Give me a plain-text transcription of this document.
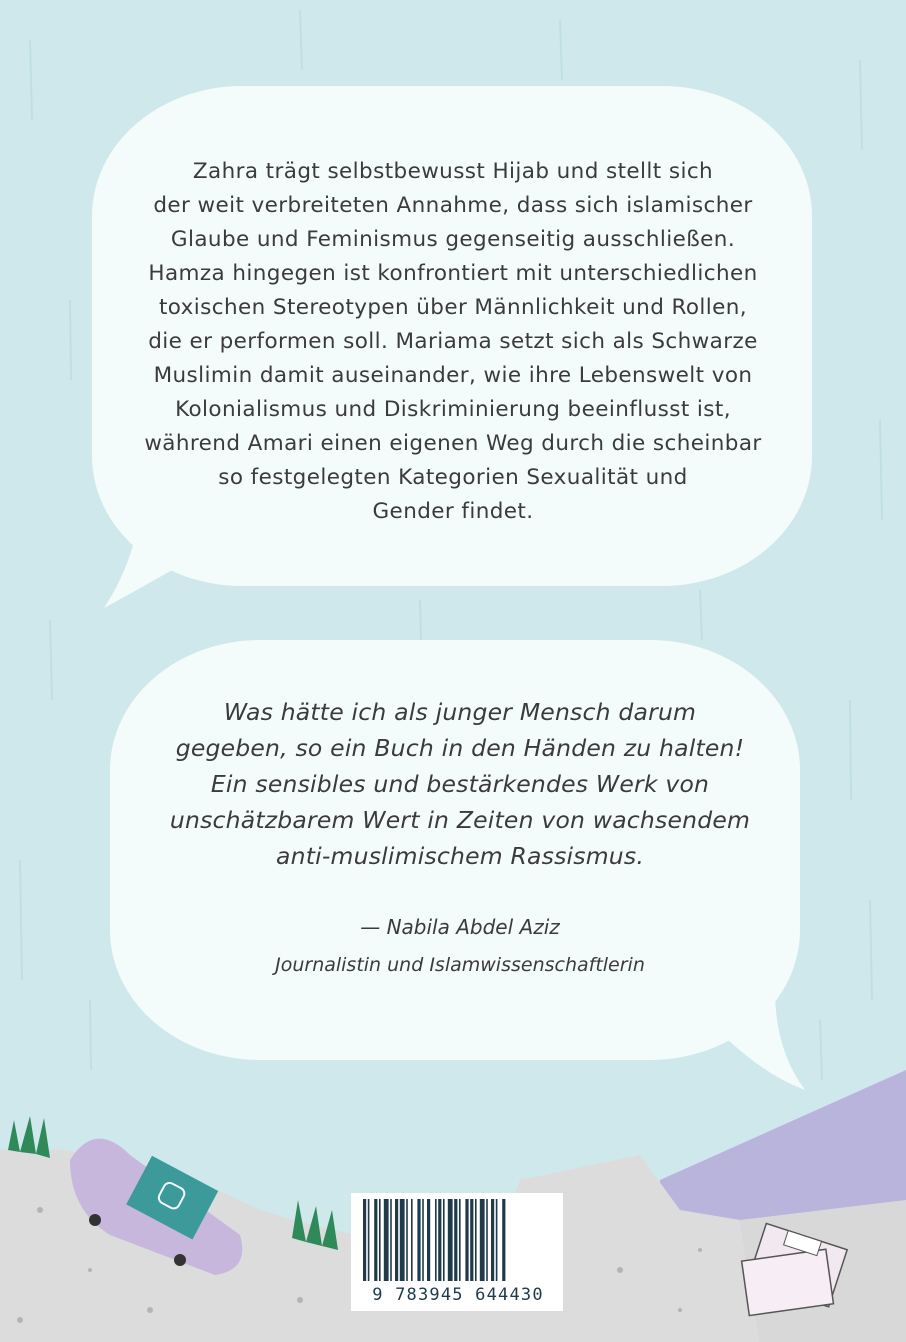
Zahra trägt selbstbewusst Hijab und stellt sich
der weit verbreiteten Annahme, dass sich islamischer
Glaube und Feminismus gegenseitig ausschließen.
Hamza hingegen ist konfrontiert mit unterschiedlichen
toxischen Stereotypen über Männlichkeit und Rollen,
die er performen soll. Mariama setzt sich als Schwarze
Muslimin damit auseinander, wie ihre Lebenswelt von
Kolonialismus und Diskriminierung beeinflusst ist,
während Amari einen eigenen Weg durch die scheinbar
so festgelegten Kategorien Sexualität und
Gender findet.
Was hätte ich als junger Mensch darum
gegeben, so ein Buch in den Händen zu halten!
Ein sensibles und bestärkendes Werk von
unschätzbarem Wert in Zeiten von wachsendem
anti-muslimischem Rassismus.
— Nabila Abdel Aziz
Journalistin und Islamwissenschaftlerin
9 783945 644430
